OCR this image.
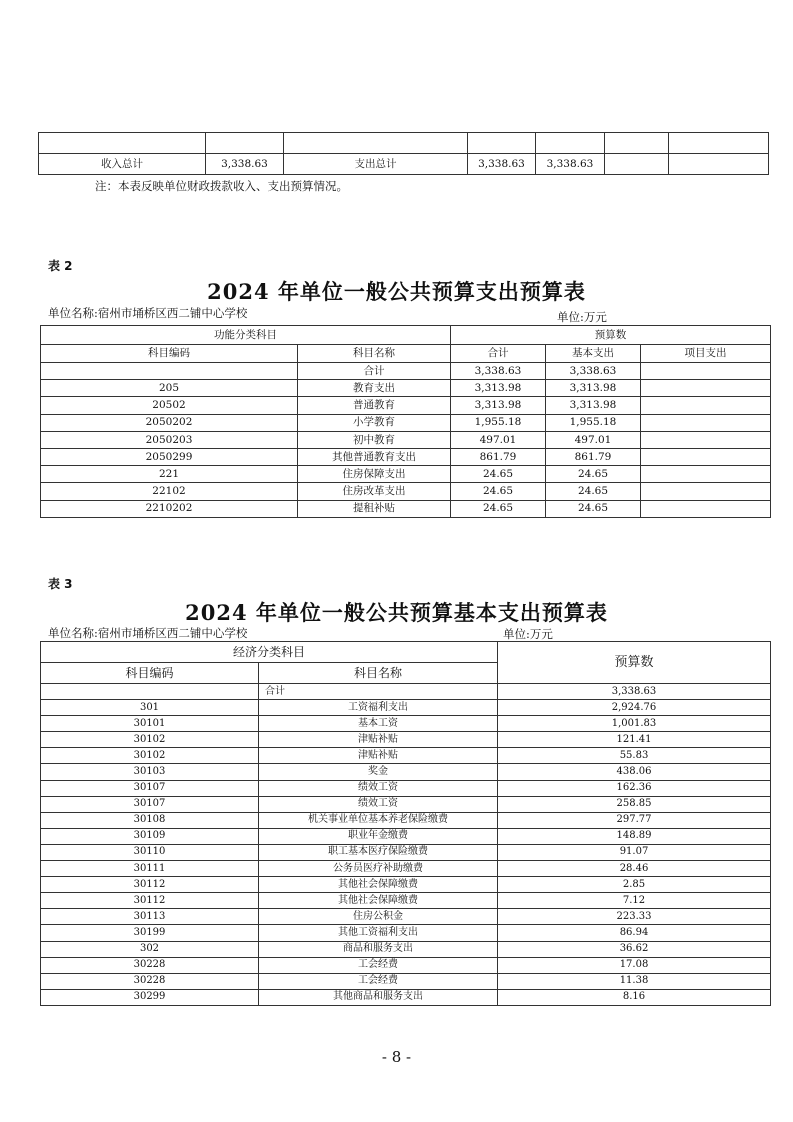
收入总计	3,338.63	支出总计	3,338.63	3,338.63		
注：本表反映单位财政拨款收入、支出预算情况。
表 2
2024 年单位一般公共预算支出预算表
单位名称:宿州市埇桥区西二铺中心学校	单位:万元
功能分类科目		预算数		
科目编码	科目名称	合计	基本支出	项目支出
	合计	3,338.63	3,338.63	
205	教育支出	3,313.98	3,313.98	
20502	普通教育	3,313.98	3,313.98	
2050202	小学教育	1,955.18	1,955.18	
2050203	初中教育	497.01	497.01	
2050299	其他普通教育支出	861.79	861.79	
221	住房保障支出	24.65	24.65	
22102	住房改革支出	24.65	24.65	
2210202	提租补贴	24.65	24.65	
表 3
2024 年单位一般公共预算基本支出预算表
单位名称:宿州市埇桥区西二铺中心学校	单位:万元
经济分类科目		预算数
科目编码	科目名称	
	合计	3,338.63
301	工资福利支出	2,924.76
30101	基本工资	1,001.83
30102	津贴补贴	121.41
30102	津贴补贴	55.83
30103	奖金	438.06
30107	绩效工资	162.36
30107	绩效工资	258.85
30108	机关事业单位基本养老保险缴费	297.77
30109	职业年金缴费	148.89
30110	职工基本医疗保险缴费	91.07
30111	公务员医疗补助缴费	28.46
30112	其他社会保障缴费	2.85
30112	其他社会保障缴费	7.12
30113	住房公积金	223.33
30199	其他工资福利支出	86.94
302	商品和服务支出	36.62
30228	工会经费	17.08
30228	工会经费	11.38
30299	其他商品和服务支出	8.16
- 8 -
